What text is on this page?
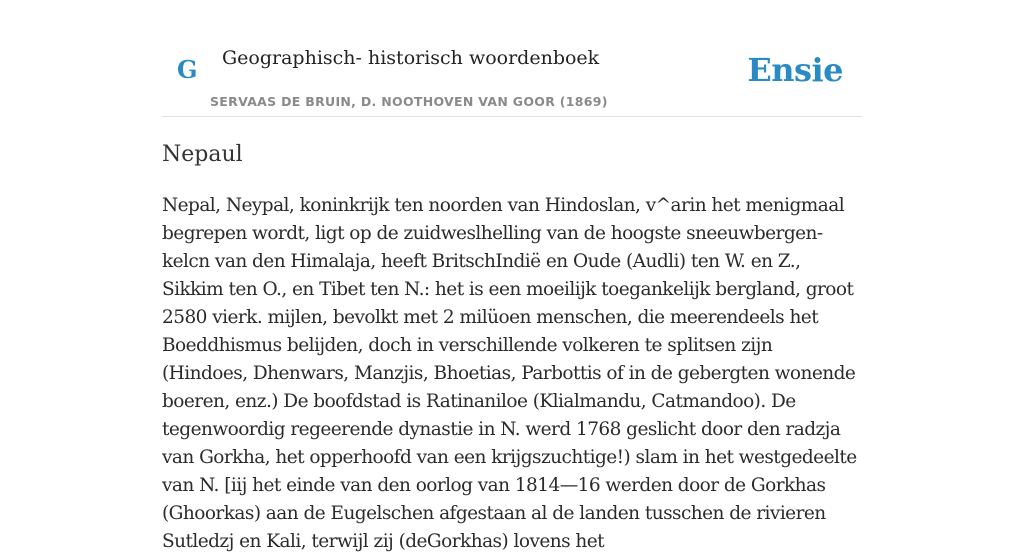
G Geographisch- historisch woordenboek
SERVAAS DE BRUIN, D. NOOTHOVEN VAN GOOR (1869)
Ensie
Nepaul

Nepal, Neypal, koninkrijk ten noorden van Hindoslan, v^arin het menigmaal begrepen wordt, ligt op de zuidweslhelling van de hoogste sneeuwbergen-kelcn van den Himalaja, heeft BritschIndië en Oude (Audli) ten W. en Z., Sikkim ten O., en Tibet ten N.: het is een moeilijk toegankelijk bergland, groot 2580 vierk. mijlen, bevolkt met 2 milüoen menschen, die meerendeels het Boeddhismus belijden, doch in verschillende volkeren te splitsen zijn (Hindoes, Dhenwars, Manzjis, Bhoetias, Parbottis of in de gebergten wonende boeren, enz.) De boofdstad is Ratinaniloe (Klialmandu, Catmandoo). De tegenwoordig regeerende dynastie in N. werd 1768 geslicht door den radzja van Gorkha, het opperhoofd van een krijgszuchtige!) slam in het westgedeelte van N. [iij het einde van den oorlog van 1814—16 werden door de Gorkhas (Ghoorkas) aan de Eugelschen afgestaan al de landen tusschen de rivieren Sutledzj en Kali, terwijl zij (deGorkhas) lovens het
